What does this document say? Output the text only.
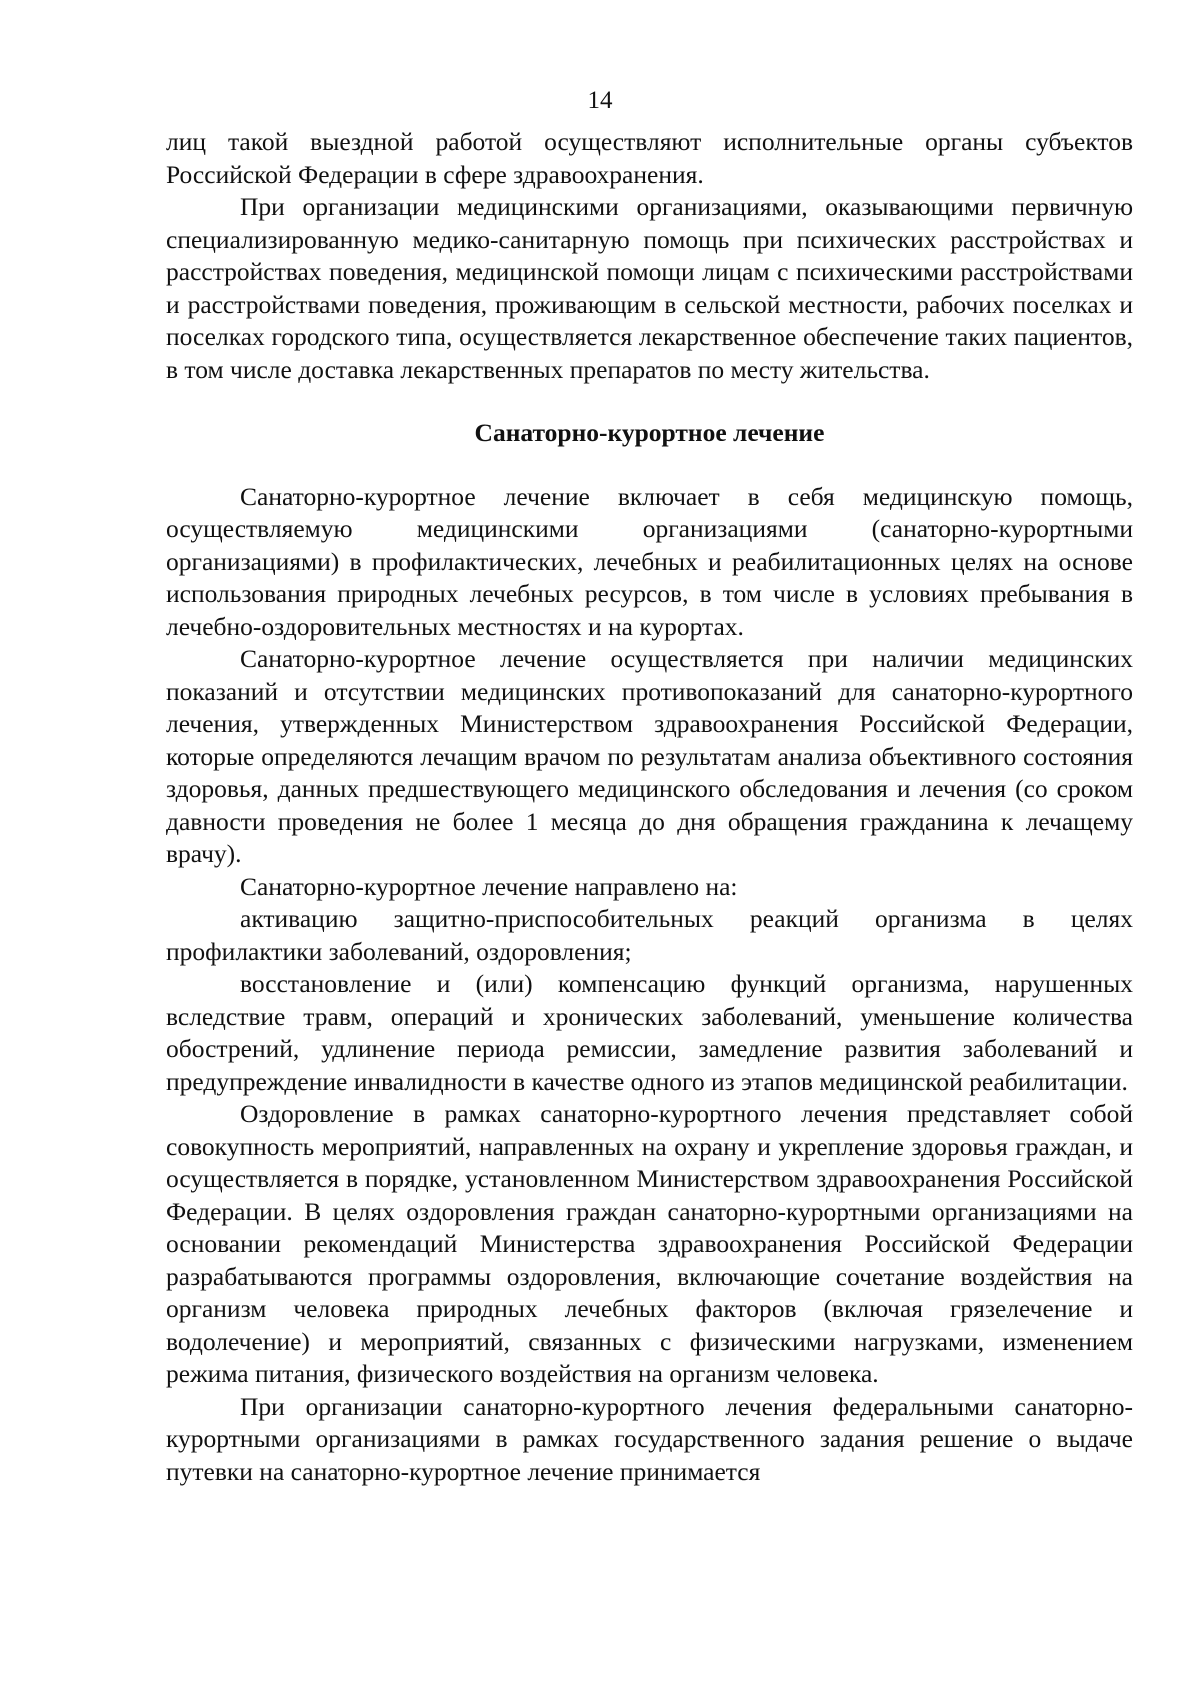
14

лиц такой выездной работой осуществляют исполнительные органы субъектов Российской Федерации в сфере здравоохранения.

При организации медицинскими организациями, оказывающими первичную специализированную медико-санитарную помощь при психических расстройствах и расстройствах поведения, медицинской помощи лицам с психическими расстройствами и расстройствами поведения, проживающим в сельской местности, рабочих поселках и поселках городского типа, осуществляется лекарственное обеспечение таких пациентов, в том числе доставка лекарственных препаратов по месту жительства.

Санаторно-курортное лечение

Санаторно-курортное лечение включает в себя медицинскую помощь, осуществляемую медицинскими организациями (санаторно-курортными организациями) в профилактических, лечебных и реабилитационных целях на основе использования природных лечебных ресурсов, в том числе в условиях пребывания в лечебно-оздоровительных местностях и на курортах.

Санаторно-курортное лечение осуществляется при наличии медицинских показаний и отсутствии медицинских противопоказаний для санаторно-курортного лечения, утвержденных Министерством здравоохранения Российской Федерации, которые определяются лечащим врачом по результатам анализа объективного состояния здоровья, данных предшествующего медицинского обследования и лечения (со сроком давности проведения не более 1 месяца до дня обращения гражданина к лечащему врачу).

Санаторно-курортное лечение направлено на:

активацию защитно-приспособительных реакций организма в целях профилактики заболеваний, оздоровления;

восстановление и (или) компенсацию функций организма, нарушенных вследствие травм, операций и хронических заболеваний, уменьшение количества обострений, удлинение периода ремиссии, замедление развития заболеваний и предупреждение инвалидности в качестве одного из этапов медицинской реабилитации.

Оздоровление в рамках санаторно-курортного лечения представляет собой совокупность мероприятий, направленных на охрану и укрепление здоровья граждан, и осуществляется в порядке, установленном Министерством здравоохранения Российской Федерации. В целях оздоровления граждан санаторно-курортными организациями на основании рекомендаций Министерства здравоохранения Российской Федерации разрабатываются программы оздоровления, включающие сочетание воздействия на организм человека природных лечебных факторов (включая грязелечение и водолечение) и мероприятий, связанных с физическими нагрузками, изменением режима питания, физического воздействия на организм человека.

При организации санаторно-курортного лечения федеральными санаторно-курортными организациями в рамках государственного задания решение о выдаче путевки на санаторно-курортное лечение принимается
